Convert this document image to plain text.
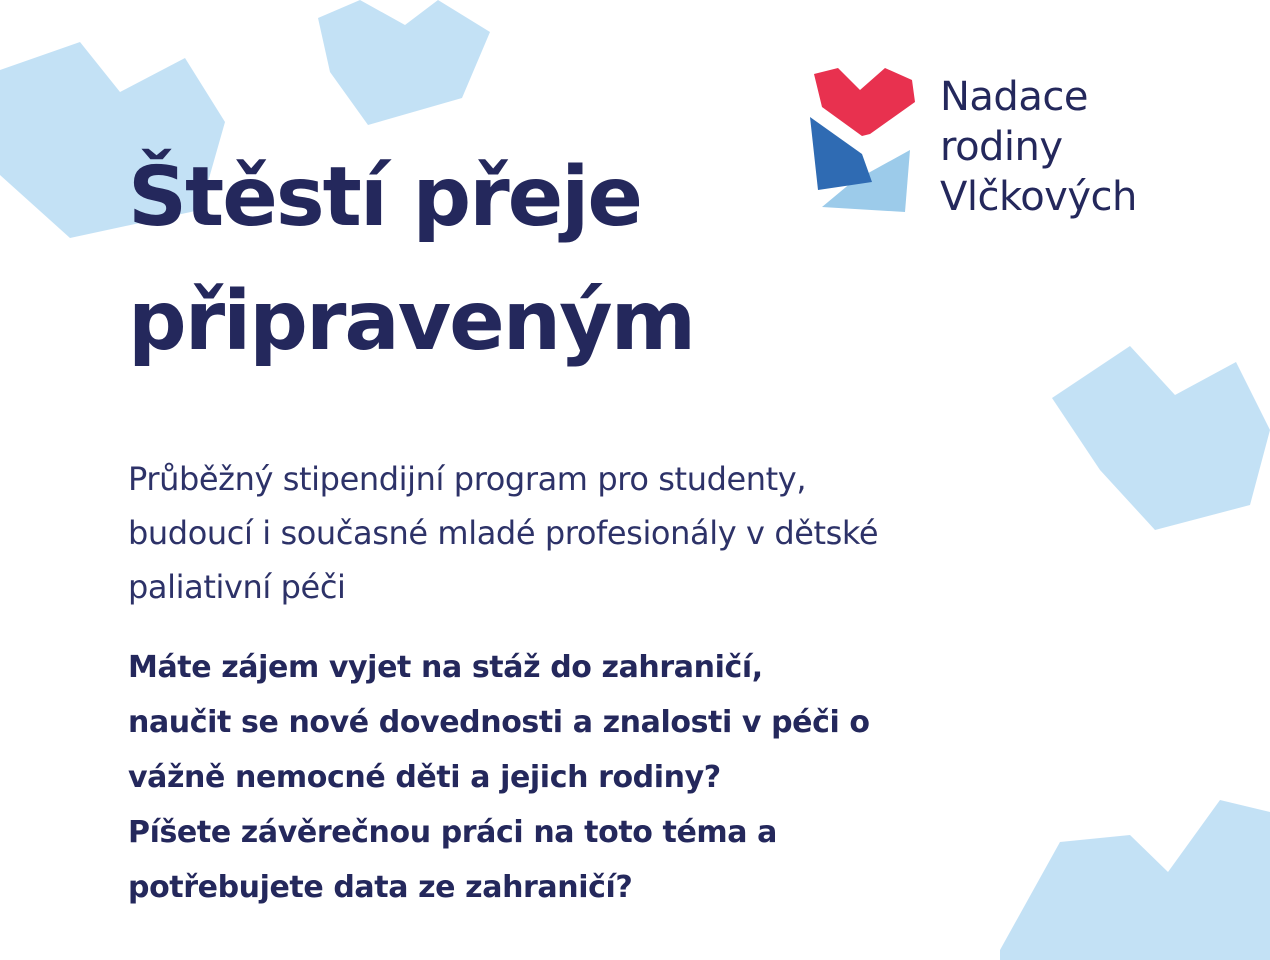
Nadace
rodiny
Vlčkových
Štěstí přeje
připraveným

Průběžný stipendijní program pro studenty,
budoucí i současné mladé profesionály v dětské
paliativní péči

Máte zájem vyjet na stáž do zahraničí,
naučit se nové dovednosti a znalosti v péči o
vážně nemocné děti a jejich rodiny?
Píšete závěrečnou práci na toto téma a
potřebujete data ze zahraničí?
